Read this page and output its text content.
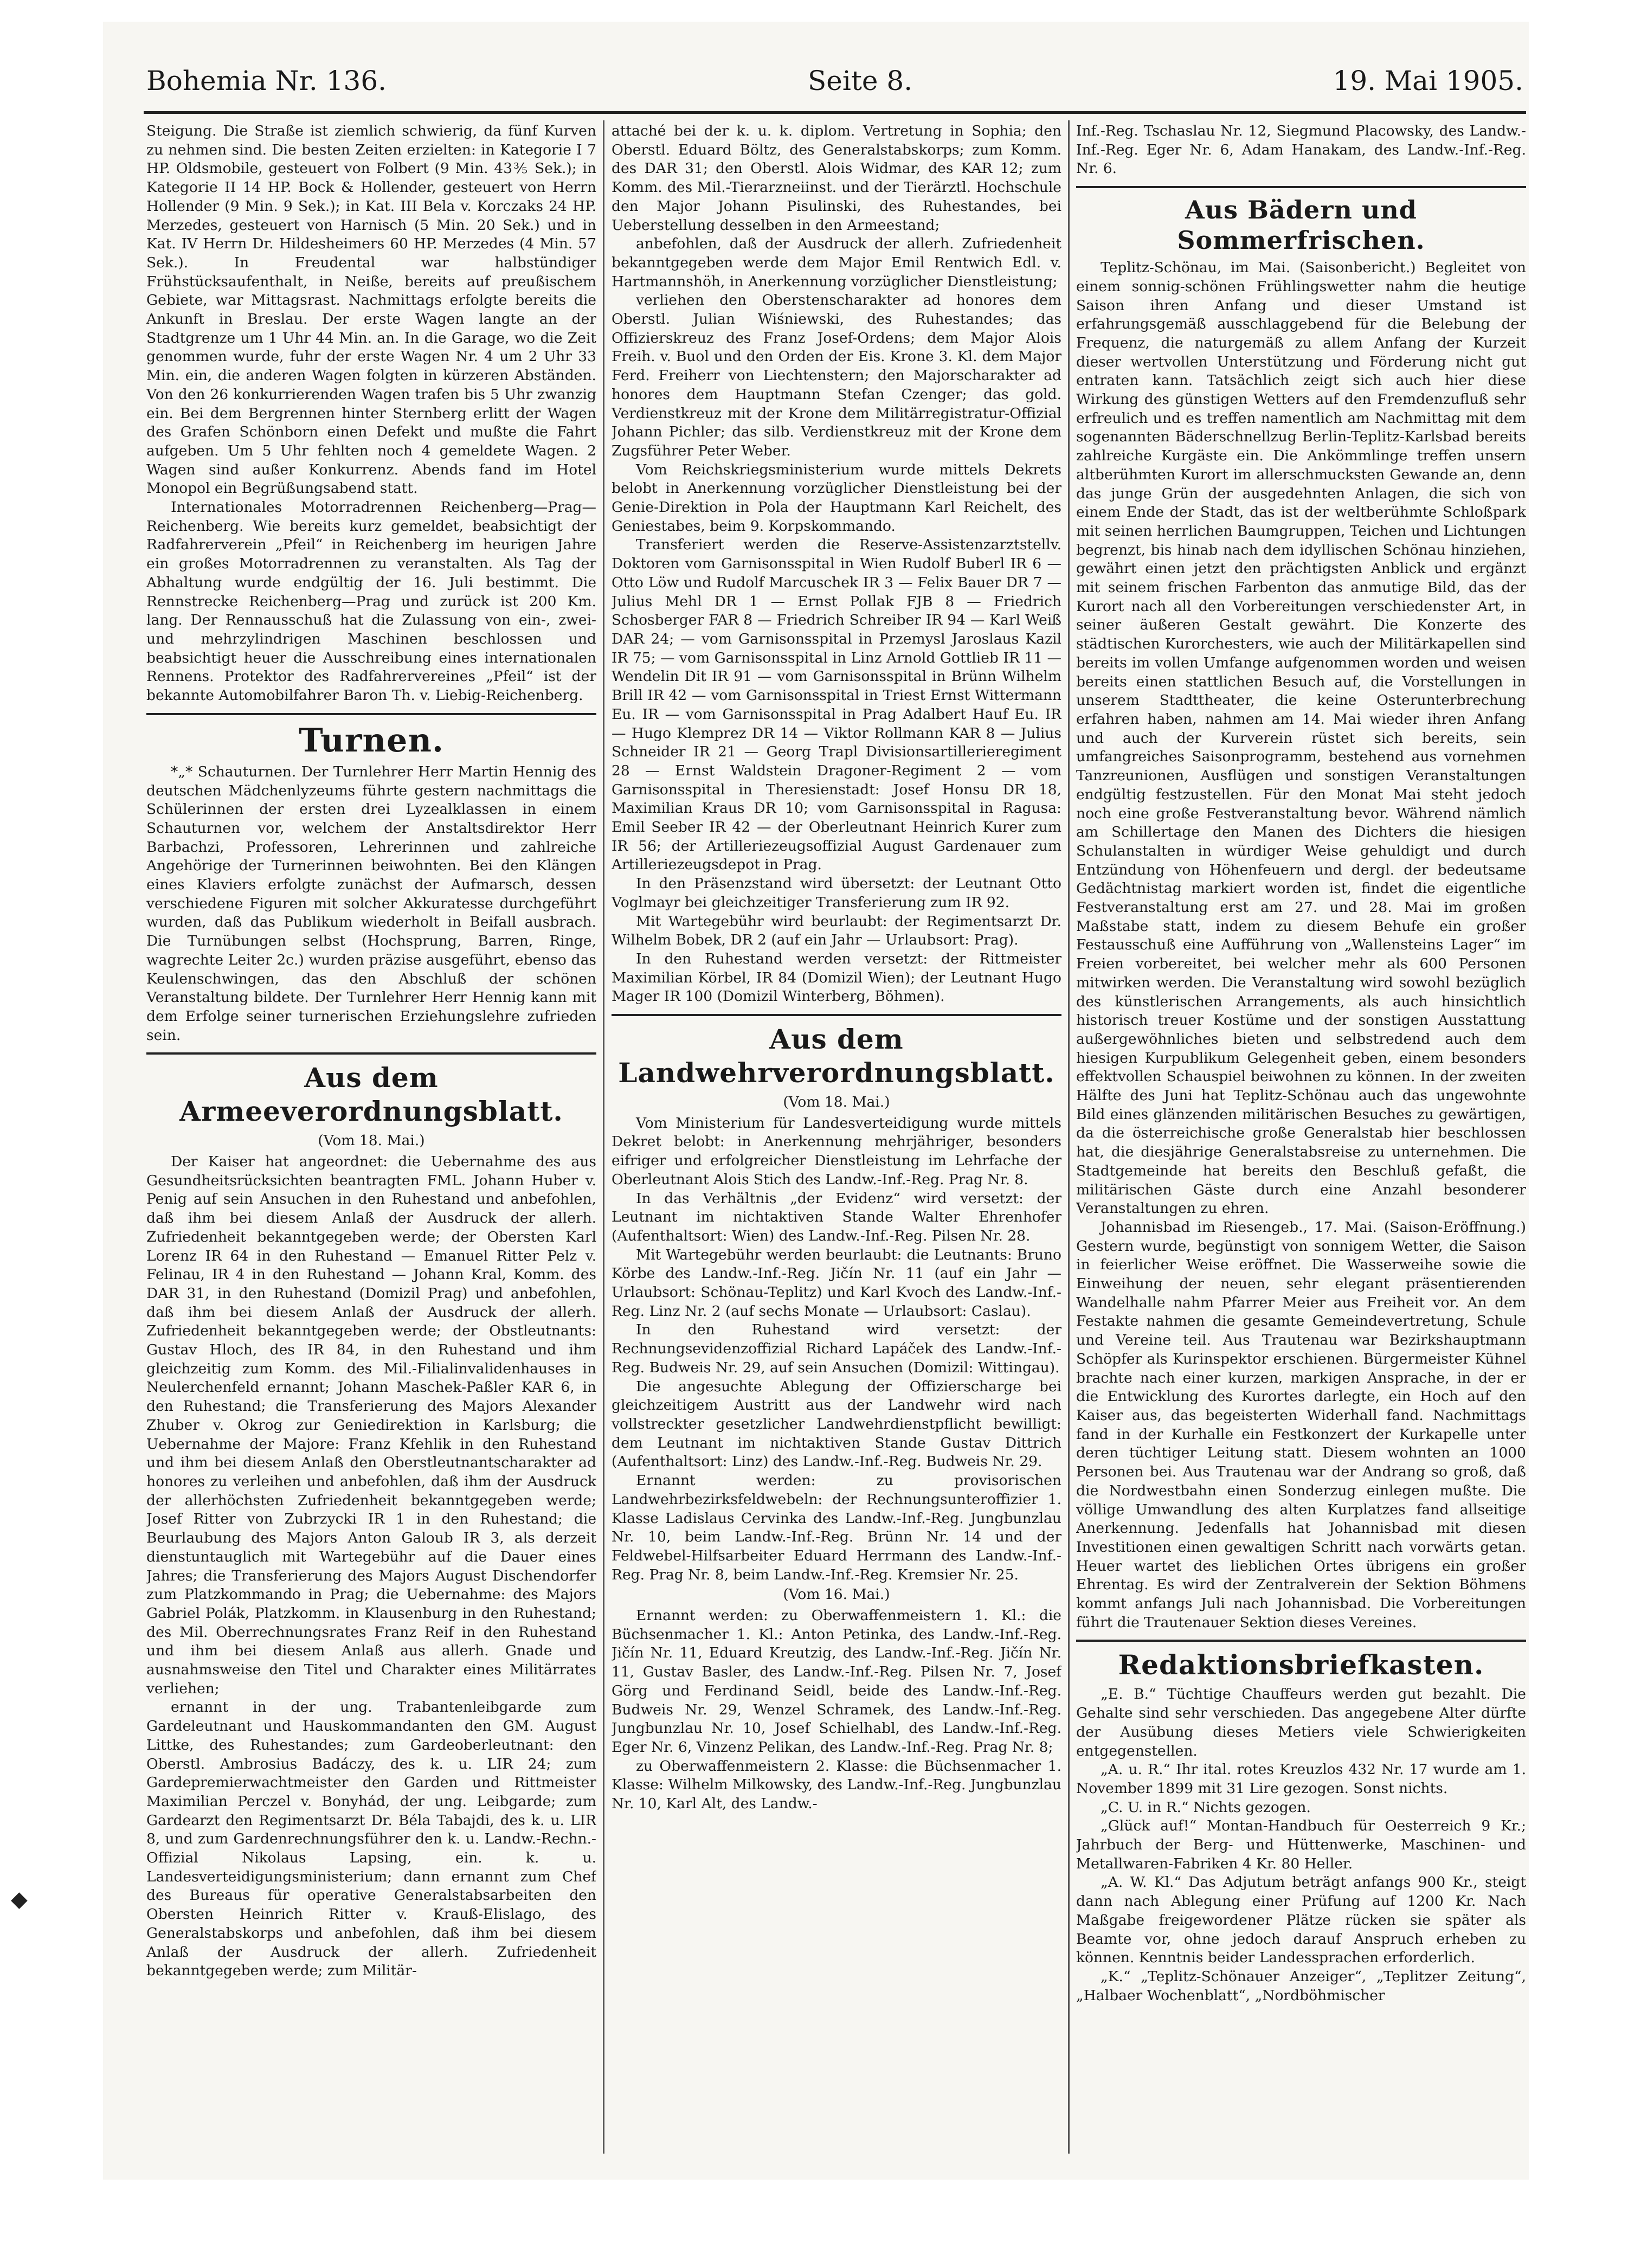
Bohemia Nr. 136.	Seite 8.	19. Mai 1905.

Steigung. Die Straße ist ziemlich schwierig, da fünf Kurven zu nehmen sind. Die besten Zeiten erzielten: in Kategorie I 7 HP. Oldsmobile, gesteuert von Folbert (9 Min. 43⅗ Sek.); in Kategorie II 14 HP. Bock & Hollender, gesteuert von Herrn Hollender (9 Min. 9 Sek.); in Kat. III Bela v. Korczaks 24 HP. Merzedes, gesteuert von Harnisch (5 Min. 20 Sek.) und in Kat. IV Herrn Dr. Hildesheimers 60 HP. Merzedes (4 Min. 57 Sek.). In Freudental war halbstündiger Frühstücksaufenthalt, in Neiße, bereits auf preußischem Gebiete, war Mittagsrast. Nachmittags erfolgte bereits die Ankunft in Breslau. Der erste Wagen langte an der Stadtgrenze um 1 Uhr 44 Min. an. In die Garage, wo die Zeit genommen wurde, fuhr der erste Wagen Nr. 4 um 2 Uhr 33 Min. ein, die anderen Wagen folgten in kürzeren Abständen. Von den 26 konkurrierenden Wagen trafen bis 5 Uhr zwanzig ein. Bei dem Bergrennen hinter Sternberg erlitt der Wagen des Grafen Schönborn einen Defekt und mußte die Fahrt aufgeben. Um 5 Uhr fehlten noch 4 gemeldete Wagen. 2 Wagen sind außer Konkurrenz. Abends fand im Hotel Monopol ein Begrüßungsabend statt.

Internationales Motorradrennen Reichenberg—Prag—Reichenberg. Wie bereits kurz gemeldet, beabsichtigt der Radfahrerverein „Pfeil“ in Reichenberg im heurigen Jahre ein großes Motorradrennen zu veranstalten. Als Tag der Abhaltung wurde endgültig der 16. Juli bestimmt. Die Rennstrecke Reichenberg—Prag und zurück ist 200 Km. lang. Der Rennausschuß hat die Zulassung von ein-, zwei- und mehrzylindrigen Maschinen beschlossen und beabsichtigt heuer die Ausschreibung eines internationalen Rennens. Protektor des Radfahrervereines „Pfeil“ ist der bekannte Automobilfahrer Baron Th. v. Liebig-Reichenberg.

Turnen.

*„* Schauturnen. Der Turnlehrer Herr Martin Hennig des deutschen Mädchenlyzeums führte gestern nachmittags die Schülerinnen der ersten drei Lyzealklassen in einem Schauturnen vor, welchem der Anstaltsdirektor Herr Barbachzi, Professoren, Lehrerinnen und zahlreiche Angehörige der Turnerinnen beiwohnten. Bei den Klängen eines Klaviers erfolgte zunächst der Aufmarsch, dessen verschiedene Figuren mit solcher Akkuratesse durchgeführt wurden, daß das Publikum wiederholt in Beifall ausbrach. Die Turnübungen selbst (Hochsprung, Barren, Ringe, wagrechte Leiter 2c.) wurden präzise ausgeführt, ebenso das Keulenschwingen, das den Abschluß der schönen Veranstaltung bildete. Der Turnlehrer Herr Hennig kann mit dem Erfolge seiner turnerischen Erziehungslehre zufrieden sein.

Aus dem Armeeverordnungsblatt.
(Vom 18. Mai.)

Der Kaiser hat angeordnet: die Uebernahme des aus Gesundheitsrücksichten beantragten FML. Johann Huber v. Penig auf sein Ansuchen in den Ruhestand und anbefohlen, daß ihm bei diesem Anlaß der Ausdruck der allerh. Zufriedenheit bekanntgegeben werde; der Obersten Karl Lorenz IR 64 in den Ruhestand — Emanuel Ritter Pelz v. Felinau, IR 4 in den Ruhestand — Johann Kral, Komm. des DAR 31, in den Ruhestand (Domizil Prag) und anbefohlen, daß ihm bei diesem Anlaß der Ausdruck der allerh. Zufriedenheit bekanntgegeben werde; der Obstleutnants: Gustav Hloch, des IR 84, in den Ruhestand und ihm gleichzeitig zum Komm. des Mil.-Filialinvalidenhauses in Neulerchenfeld ernannt; Johann Maschek-Paßler KAR 6, in den Ruhestand; die Transferierung des Majors Alexander Zhuber v. Okrog zur Geniedirektion in Karlsburg; die Uebernahme der Majore: Franz Kfehlik in den Ruhestand und ihm bei diesem Anlaß den Oberstleutnantscharakter ad honores zu verleihen und anbefohlen, daß ihm der Ausdruck der allerhöchsten Zufriedenheit bekanntgegeben werde; Josef Ritter von Zubrzycki IR 1 in den Ruhestand; die Beurlaubung des Majors Anton Galoub IR 3, als derzeit dienstuntauglich mit Wartegebühr auf die Dauer eines Jahres; die Transferierung des Majors August Dischendorfer zum Platzkommando in Prag; die Uebernahme: des Majors Gabriel Polák, Platzkomm. in Klausenburg in den Ruhestand; des Mil. Oberrechnungsrates Franz Reif in den Ruhestand und ihm bei diesem Anlaß aus allerh. Gnade und ausnahmsweise den Titel und Charakter eines Militärrates verliehen;

ernannt in der ung. Trabantenleibgarde zum Gardeleutnant und Hauskommandanten den GM. August Littke, des Ruhestandes; zum Gardeoberleutnant: den Oberstl. Ambrosius Badáczy, des k. u. LIR 24; zum Gardepremierwachtmeister den Garden und Rittmeister Maximilian Perczel v. Bonyhád, der ung. Leibgarde; zum Gardearzt den Regimentsarzt Dr. Béla Tabajdi, des k. u. LIR 8, und zum Gardenrechnungsführer den k. u. Landw.-Rechn.-Offizial Nikolaus Lapsing, ein. k. u. Landesverteidigungsministerium; dann ernannt zum Chef des Bureaus für operative Generalstabsarbeiten den Obersten Heinrich Ritter v. Krauß-Elislago, des Generalstabskorps und anbefohlen, daß ihm bei diesem Anlaß der Ausdruck der allerh. Zufriedenheit bekanntgegeben werde; zum Militär-

attaché bei der k. u. k. diplom. Vertretung in Sophia; den Oberstl. Eduard Böltz, des Generalstabskorps; zum Komm. des DAR 31; den Oberstl. Alois Widmar, des KAR 12; zum Komm. des Mil.-Tierarzneiinst. und der Tierärztl. Hochschule den Major Johann Pisulinski, des Ruhestandes, bei Ueberstellung desselben in den Armeestand;

anbefohlen, daß der Ausdruck der allerh. Zufriedenheit bekanntgegeben werde dem Major Emil Rentwich Edl. v. Hartmannshöh, in Anerkennung vorzüglicher Dienstleistung;

verliehen den Oberstenscharakter ad honores dem Oberstl. Julian Wiśniewski, des Ruhestandes; das Offizierskreuz des Franz Josef-Ordens; dem Major Alois Freih. v. Buol und den Orden der Eis. Krone 3. Kl. dem Major Ferd. Freiherr von Liechtenstern; den Majorscharakter ad honores dem Hauptmann Stefan Czenger; das gold. Verdienstkreuz mit der Krone dem Militärregistratur-Offizial Johann Pichler; das silb. Verdienstkreuz mit der Krone dem Zugsführer Peter Weber.

Vom Reichskriegsministerium wurde mittels Dekrets belobt in Anerkennung vorzüglicher Dienstleistung bei der Genie-Direktion in Pola der Hauptmann Karl Reichelt, des Geniestabes, beim 9. Korpskommando.

Transferiert werden die Reserve-Assistenzarztstellv. Doktoren vom Garnisonsspital in Wien Rudolf Buberl IR 6 — Otto Löw und Rudolf Marcuschek IR 3 — Felix Bauer DR 7 — Julius Mehl DR 1 — Ernst Pollak FJB 8 — Friedrich Schosberger FAR 8 — Friedrich Schreiber IR 94 — Karl Weiß DAR 24; — vom Garnisonsspital in Przemysl Jaroslaus Kazil IR 75; — vom Garnisonsspital in Linz Arnold Gottlieb IR 11 — Wendelin Dit IR 91 — vom Garnisonsspital in Brünn Wilhelm Brill IR 42 — vom Garnisonsspital in Triest Ernst Wittermann Eu. IR — vom Garnisonsspital in Prag Adalbert Hauf Eu. IR — Hugo Klemprez DR 14 — Viktor Rollmann KAR 8 — Julius Schneider IR 21 — Georg Trapl Divisionsartillerieregiment 28 — Ernst Waldstein Dragoner-Regiment 2 — vom Garnisonsspital in Theresienstadt: Josef Honsu DR 18, Maximilian Kraus DR 10; vom Garnisonsspital in Ragusa: Emil Seeber IR 42 — der Oberleutnant Heinrich Kurer zum IR 56; der Artilleriezeugsoffizial August Gardenauer zum Artilleriezeugsdepot in Prag.

In den Präsenzstand wird übersetzt: der Leutnant Otto Voglmayr bei gleichzeitiger Transferierung zum IR 92.

Mit Wartegebühr wird beurlaubt: der Regimentsarzt Dr. Wilhelm Bobek, DR 2 (auf ein Jahr — Urlaubsort: Prag).

In den Ruhestand werden versetzt: der Rittmeister Maximilian Körbel, IR 84 (Domizil Wien); der Leutnant Hugo Mager IR 100 (Domizil Winterberg, Böhmen).

Aus dem Landwehrverordnungsblatt.
(Vom 18. Mai.)

Vom Ministerium für Landesverteidigung wurde mittels Dekret belobt: in Anerkennung mehrjähriger, besonders eifriger und erfolgreicher Dienstleistung im Lehrfache der Oberleutnant Alois Stich des Landw.-Inf.-Reg. Prag Nr. 8.

In das Verhältnis „der Evidenz“ wird versetzt: der Leutnant im nichtaktiven Stande Walter Ehrenhofer (Aufenthaltsort: Wien) des Landw.-Inf.-Reg. Pilsen Nr. 28.

Mit Wartegebühr werden beurlaubt: die Leutnants: Bruno Körbe des Landw.-Inf.-Reg. Jičín Nr. 11 (auf ein Jahr — Urlaubsort: Schönau-Teplitz) und Karl Kvoch des Landw.-Inf.-Reg. Linz Nr. 2 (auf sechs Monate — Urlaubsort: Caslau).

In den Ruhestand wird versetzt: der Rechnungsevidenzoffizial Richard Lapáček des Landw.-Inf.-Reg. Budweis Nr. 29, auf sein Ansuchen (Domizil: Wittingau).

Die angesuchte Ablegung der Offizierscharge bei gleichzeitigem Austritt aus der Landwehr wird nach vollstreckter gesetzlicher Landwehrdienstpflicht bewilligt: dem Leutnant im nichtaktiven Stande Gustav Dittrich (Aufenthaltsort: Linz) des Landw.-Inf.-Reg. Budweis Nr. 29.

Ernannt werden: zu provisorischen Landwehrbezirksfeldwebeln: der Rechnungsunteroffizier 1. Klasse Ladislaus Cervinka des Landw.-Inf.-Reg. Jungbunzlau Nr. 10, beim Landw.-Inf.-Reg. Brünn Nr. 14 und der Feldwebel-Hilfsarbeiter Eduard Herrmann des Landw.-Inf.-Reg. Prag Nr. 8, beim Landw.-Inf.-Reg. Kremsier Nr. 25.

(Vom 16. Mai.)

Ernannt werden: zu Oberwaffenmeistern 1. Kl.: die Büchsenmacher 1. Kl.: Anton Petinka, des Landw.-Inf.-Reg. Jičín Nr. 11, Eduard Kreutzig, des Landw.-Inf.-Reg. Jičín Nr. 11, Gustav Basler, des Landw.-Inf.-Reg. Pilsen Nr. 7, Josef Görg und Ferdinand Seidl, beide des Landw.-Inf.-Reg. Budweis Nr. 29, Wenzel Schramek, des Landw.-Inf.-Reg. Jungbunzlau Nr. 10, Josef Schielhabl, des Landw.-Inf.-Reg. Eger Nr. 6, Vinzenz Pelikan, des Landw.-Inf.-Reg. Prag Nr. 8;

zu Oberwaffenmeistern 2. Klasse: die Büchsenmacher 1. Klasse: Wilhelm Milkowsky, des Landw.-Inf.-Reg. Jungbunzlau Nr. 10, Karl Alt, des Landw.-

Inf.-Reg. Tschaslau Nr. 12, Siegmund Placowsky, des Landw.-Inf.-Reg. Eger Nr. 6, Adam Hanakam, des Landw.-Inf.-Reg. Nr. 6.

Aus Bädern und Sommerfrischen.

Teplitz-Schönau, im Mai. (Saisonbericht.) Begleitet von einem sonnig-schönen Frühlingswetter nahm die heutige Saison ihren Anfang und dieser Umstand ist erfahrungsgemäß ausschlaggebend für die Belebung der Frequenz, die naturgemäß zu allem Anfang der Kurzeit dieser wertvollen Unterstützung und Förderung nicht gut entraten kann. Tatsächlich zeigt sich auch hier diese Wirkung des günstigen Wetters auf den Fremdenzufluß sehr erfreulich und es treffen namentlich am Nachmittag mit dem sogenannten Bäderschnellzug Berlin-Teplitz-Karlsbad bereits zahlreiche Kurgäste ein. Die Ankömmlinge treffen unsern altberühmten Kurort im allerschmucksten Gewande an, denn das junge Grün der ausgedehnten Anlagen, die sich von einem Ende der Stadt, das ist der weltberühmte Schloßpark mit seinen herrlichen Baumgruppen, Teichen und Lichtungen begrenzt, bis hinab nach dem idyllischen Schönau hinziehen, gewährt einen jetzt den prächtigsten Anblick und ergänzt mit seinem frischen Farbenton das anmutige Bild, das der Kurort nach all den Vorbereitungen verschiedenster Art, in seiner äußeren Gestalt gewährt. Die Konzerte des städtischen Kurorchesters, wie auch der Militärkapellen sind bereits im vollen Umfange aufgenommen worden und weisen bereits einen stattlichen Besuch auf, die Vorstellungen in unserem Stadttheater, die keine Osterunterbrechung erfahren haben, nahmen am 14. Mai wieder ihren Anfang und auch der Kurverein rüstet sich bereits, sein umfangreiches Saisonprogramm, bestehend aus vornehmen Tanzreunionen, Ausflügen und sonstigen Veranstaltungen endgültig festzustellen. Für den Monat Mai steht jedoch noch eine große Festveranstaltung bevor. Während nämlich am Schillertage den Manen des Dichters die hiesigen Schulanstalten in würdiger Weise gehuldigt und durch Entzündung von Höhenfeuern und dergl. der bedeutsame Gedächtnistag markiert worden ist, findet die eigentliche Festveranstaltung erst am 27. und 28. Mai im großen Maßstabe statt, indem zu diesem Behufe ein großer Festausschuß eine Aufführung von „Wallensteins Lager“ im Freien vorbereitet, bei welcher mehr als 600 Personen mitwirken werden. Die Veranstaltung wird sowohl bezüglich des künstlerischen Arrangements, als auch hinsichtlich historisch treuer Kostüme und der sonstigen Ausstattung außergewöhnliches bieten und selbstredend auch dem hiesigen Kurpublikum Gelegenheit geben, einem besonders effektvollen Schauspiel beiwohnen zu können. In der zweiten Hälfte des Juni hat Teplitz-Schönau auch das ungewohnte Bild eines glänzenden militärischen Besuches zu gewärtigen, da die österreichische große Generalstab hier beschlossen hat, die diesjährige Generalstabsreise zu unternehmen. Die Stadtgemeinde hat bereits den Beschluß gefaßt, die militärischen Gäste durch eine Anzahl besonderer Veranstaltungen zu ehren.

Johannisbad im Riesengeb., 17. Mai. (Saison-Eröffnung.) Gestern wurde, begünstigt von sonnigem Wetter, die Saison in feierlicher Weise eröffnet. Die Wasserweihe sowie die Einweihung der neuen, sehr elegant präsentierenden Wandelhalle nahm Pfarrer Meier aus Freiheit vor. An dem Festakte nahmen die gesamte Gemeindevertretung, Schule und Vereine teil. Aus Trautenau war Bezirkshauptmann Schöpfer als Kurinspektor erschienen. Bürgermeister Kühnel brachte nach einer kurzen, markigen Ansprache, in der er die Entwicklung des Kurortes darlegte, ein Hoch auf den Kaiser aus, das begeisterten Widerhall fand. Nachmittags fand in der Kurhalle ein Festkonzert der Kurkapelle unter deren tüchtiger Leitung statt. Diesem wohnten an 1000 Personen bei. Aus Trautenau war der Andrang so groß, daß die Nordwestbahn einen Sonderzug einlegen mußte. Die völlige Umwandlung des alten Kurplatzes fand allseitige Anerkennung. Jedenfalls hat Johannisbad mit diesen Investitionen einen gewaltigen Schritt nach vorwärts getan. Heuer wartet des lieblichen Ortes übrigens ein großer Ehrentag. Es wird der Zentralverein der Sektion Böhmens kommt anfangs Juli nach Johannisbad. Die Vorbereitungen führt die Trautenauer Sektion dieses Vereines.

Redaktionsbriefkasten.

„E. B.“ Tüchtige Chauffeurs werden gut bezahlt. Die Gehalte sind sehr verschieden. Das angegebene Alter dürfte der Ausübung dieses Metiers viele Schwierigkeiten entgegenstellen.

„A. u. R.“ Ihr ital. rotes Kreuzlos 432 Nr. 17 wurde am 1. November 1899 mit 31 Lire gezogen. Sonst nichts.

„C. U. in R.“ Nichts gezogen.

„Glück auf!“ Montan-Handbuch für Oesterreich 9 Kr.; Jahrbuch der Berg- und Hüttenwerke, Maschinen- und Metallwaren-Fabriken 4 Kr. 80 Heller.

„A. W. Kl.“ Das Adjutum beträgt anfangs 900 Kr., steigt dann nach Ablegung einer Prüfung auf 1200 Kr. Nach Maßgabe freigewordener Plätze rücken sie später als Beamte vor, ohne jedoch darauf Anspruch erheben zu können. Kenntnis beider Landessprachen erforderlich.

„K.“ „Teplitz-Schönauer Anzeiger“, „Teplitzer Zeitung“, „Halbaer Wochenblatt“, „Nordböhmischer

◆
